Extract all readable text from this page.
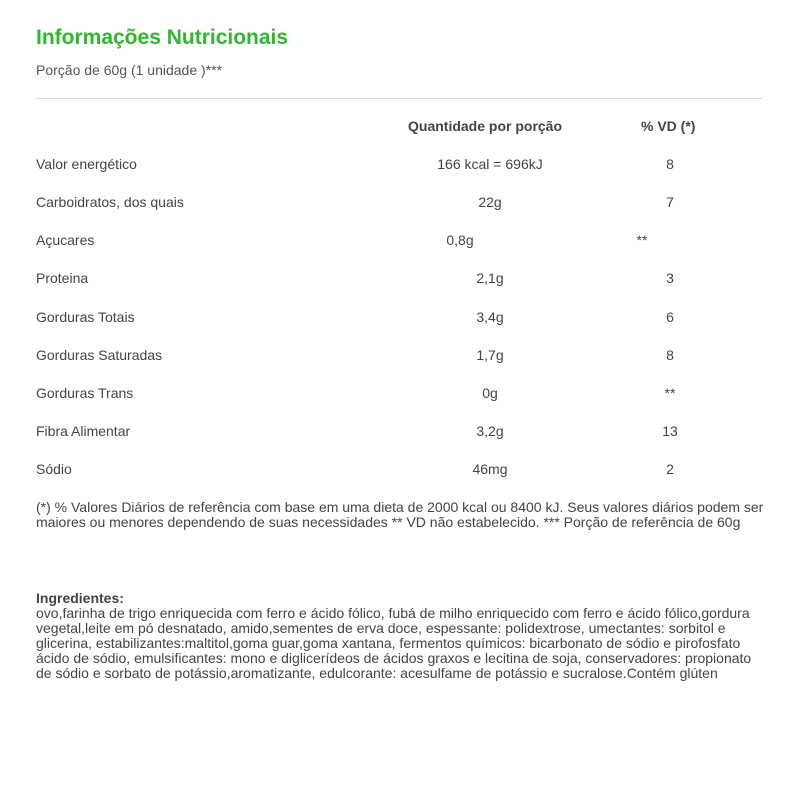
Informações Nutricionais
Porção de 60g (1 unidade )***
Quantidade por porção	% VD (*)
Valor energético	166 kcal = 696kJ	8
Carboidratos, dos quais	22g	7
Açucares	0,8g	**
Proteina	2,1g	3
Gorduras Totais	3,4g	6
Gorduras Saturadas	1,7g	8
Gorduras Trans	0g	**
Fibra Alimentar	3,2g	13
Sódio	46mg	2
(*) % Valores Diários de referência com base em uma dieta de 2000 kcal ou 8400 kJ. Seus valores diários podem ser maiores ou menores dependendo de suas necessidades ** VD não estabelecido. *** Porção de referência de 60g
Ingredientes:
ovo,farinha de trigo enriquecida com ferro e ácido fólico, fubá de milho enriquecido com ferro e ácido fólico,gordura vegetal,leite em pó desnatado, amido,sementes de erva doce, espessante: polidextrose, umectantes: sorbitol e glicerina, estabilizantes:maltitol,goma guar,goma xantana, fermentos químicos: bicarbonato de sódio e pirofosfato ácido de sódio, emulsificantes: mono e diglicerídeos de ácidos graxos e lecitina de soja, conservadores: propionato de sódio e sorbato de potássio,aromatizante, edulcorante: acesulfame de potássio e sucralose.Contém glúten
